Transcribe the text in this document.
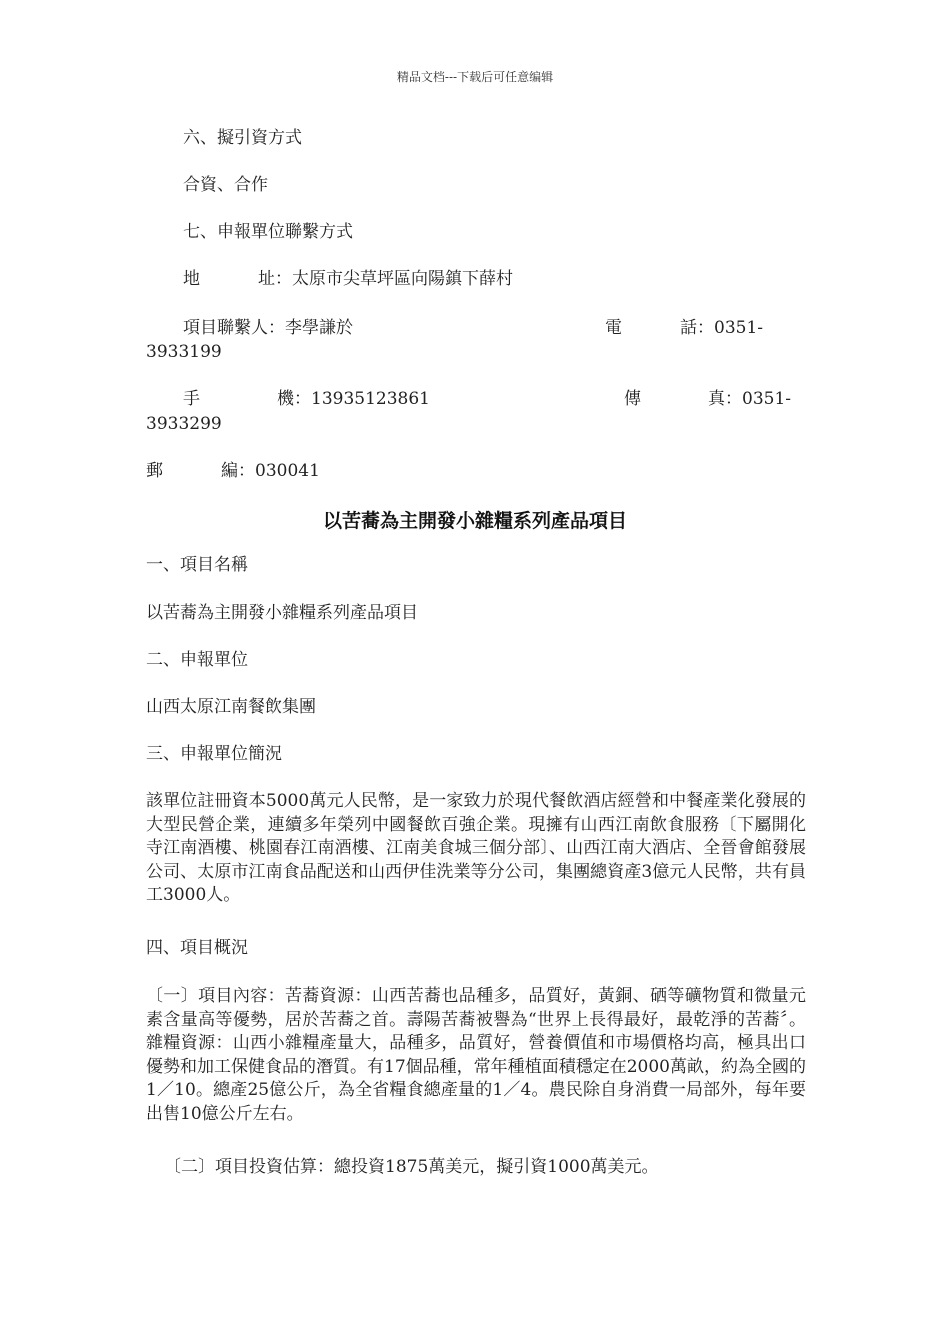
精品文档---下载后可任意编辑
六、擬引資方式
合資、合作
七、申報單位聯繫方式
地	址：太原市尖草坪區向陽鎮下薛村
項目聯繫人：李學謙於	電	話：0351-
3933199
手	機：13935123861	傳	真：0351-
3933299
郵	編：030041
以苦蕎為主開發小雜糧系列產品項目
一、項目名稱
以苦蕎為主開發小雜糧系列產品項目
二、申報單位
山西太原江南餐飲集團
三、申報單位簡況
該單位註冊資本5000萬元人民幣，是一家致力於現代餐飲酒店經營和中餐產業化發展的大型民營企業，連續多年榮列中國餐飲百強企業。現擁有山西江南飲食服務〔下屬開化寺江南酒樓、桃園春江南酒樓、江南美食城三個分部〕、山西江南大酒店、全晉會館發展公司、太原市江南食品配送和山西伊佳洗業等分公司，集團總資產3億元人民幣，共有員工3000人。
四、項目概況
〔一〕項目內容：苦蕎資源：山西苦蕎也品種多，品質好，黃銅、硒等礦物質和微量元素含量高等優勢，居於苦蕎之首。壽陽苦蕎被譽為“世界上長得最好，最乾淨的苦蕎〞。雜糧資源：山西小雜糧產量大，品種多，品質好，營養價值和市場價格均高，極具出口優勢和加工保健食品的潛質。有17個品種，常年種植面積穩定在2000萬畝，約為全國的1／10。總產25億公斤，為全省糧食總產量的1／4。農民除自身消費一局部外，每年要出售10億公斤左右。
〔二〕項目投資估算：總投資1875萬美元，擬引資1000萬美元。
